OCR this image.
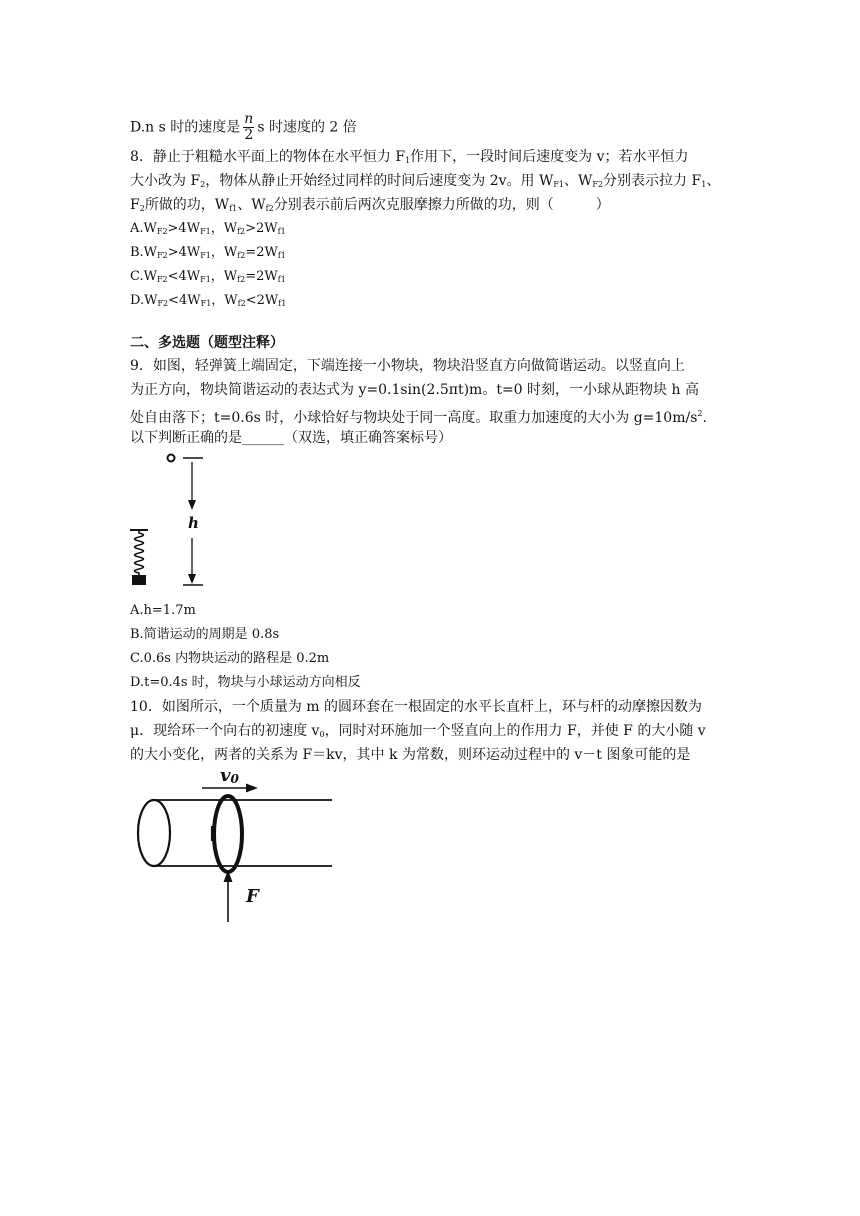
D.n s 时的速度是 $\frac{n}{2}$ s 时速度的 2 倍
8．静止于粗糙水平面上的物体在水平恒力 $F_1$作用下，一段时间后速度变为 v；若水平恒力
大小改为 $F_2$，物体从静止开始经过同样的时间后速度变为 2v。用 $W_{F1}$、$W_{F2}$分别表示拉力 $F_1$、
$F_2$所做的功，$W_{f1}$、$W_{f2}$分别表示前后两次克服摩擦力所做的功，则（　　　）
$A.W_{F2}>4W_{F1}$，$W_{f2}>2W_{f1}$
$B.W_{F2}>4W_{F1}$，$W_{f2}=2W_{f1}$
$C.W_{F2}<4W_{F1}$，$W_{f2}=2W_{f1}$
$D.W_{F2}<4W_{F1}$，$W_{f2}<2W_{f1}$
二、多选题（题型注释）
9．如图，轻弹簧上端固定，下端连接一小物块，物块沿竖直方向做简谐运动。以竖直向上
为正方向，物块简谐运动的表达式为 y=0.1sin(2.5πt)m。t=0 时刻，一小球从距物块 h 高
处自由落下；t=0.6s 时，小球恰好与物块处于同一高度。取重力加速度的大小为 $g=10m/s^2$.
以下判断正确的是______（双选，填正确答案标号）
h
A.h=1.7m
B.简谐运动的周期是 0.8s
C.0.6s 内物块运动的路程是 0.2m
D.t=0.4s 时，物块与小球运动方向相反
10．如图所示，一个质量为 m 的圆环套在一根固定的水平长直杆上，环与杆的动摩擦因数为
μ．现给环一个向右的初速度 $v_0$，同时对环施加一个竖直向上的作用力 F，并使 F 的大小随 v
的大小变化，两者的关系为 F＝kv，其中 k 为常数，则环运动过程中的 v－t 图象可能的是
v0
F
